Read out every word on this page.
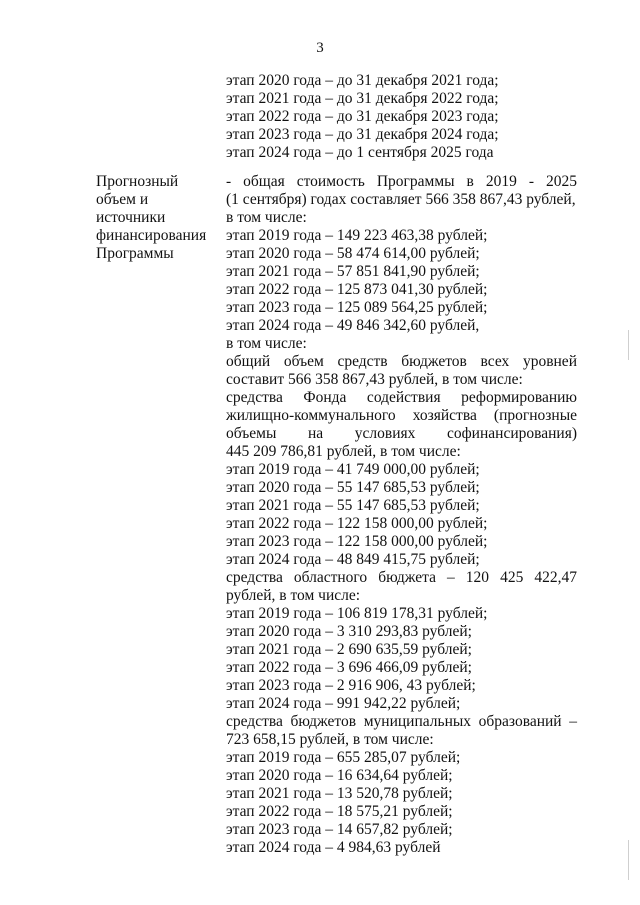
3
этап 2020 года – до 31 декабря 2021 года;
этап 2021 года – до 31 декабря 2022 года;
этап 2022 года – до 31 декабря 2023 года;
этап 2023 года – до 31 декабря 2024 года;
этап 2024 года – до 1 сентября 2025 года
Прогнозный
объем и
источники
финансирования
Программы
- общая стоимость Программы в 2019 - 2025
(1 сентября) годах составляет 566 358 867,43 рублей,
в том числе:
этап 2019 года – 149 223 463,38 рублей;
этап 2020 года – 58 474 614,00 рублей;
этап 2021 года – 57 851 841,90 рублей;
этап 2022 года – 125 873 041,30 рублей;
этап 2023 года – 125 089 564,25 рублей;
этап 2024 года – 49 846 342,60 рублей,
в том числе:
общий объем средств бюджетов всех уровней
составит 566 358 867,43 рублей, в том числе:
средства Фонда содействия реформированию
жилищно-коммунального хозяйства (прогнозные
объемы на условиях софинансирования)
445 209 786,81 рублей, в том числе:
этап 2019 года – 41 749 000,00 рублей;
этап 2020 года – 55 147 685,53 рублей;
этап 2021 года – 55 147 685,53 рублей;
этап 2022 года – 122 158 000,00 рублей;
этап 2023 года – 122 158 000,00 рублей;
этап 2024 года – 48 849 415,75 рублей;
средства областного бюджета – 120 425 422,47
рублей, в том числе:
этап 2019 года – 106 819 178,31 рублей;
этап 2020 года – 3 310 293,83 рублей;
этап 2021 года – 2 690 635,59 рублей;
этап 2022 года – 3 696 466,09 рублей;
этап 2023 года – 2 916 906, 43 рублей;
этап 2024 года – 991 942,22 рублей;
средства бюджетов муниципальных образований –
723 658,15 рублей, в том числе:
этап 2019 года – 655 285,07 рублей;
этап 2020 года – 16 634,64 рублей;
этап 2021 года – 13 520,78 рублей;
этап 2022 года – 18 575,21 рублей;
этап 2023 года – 14 657,82 рублей;
этап 2024 года – 4 984,63 рублей
